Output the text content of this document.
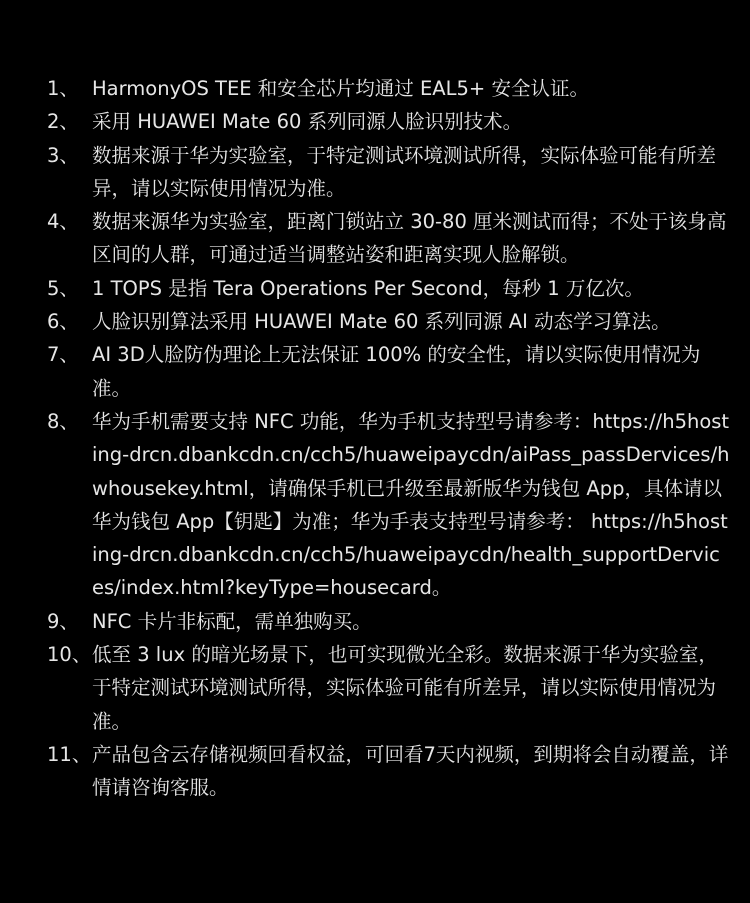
1、 HarmonyOS TEE 和安全芯片均通过 EAL5+ 安全认证。
2、 采用 HUAWEI Mate 60 系列同源人脸识别技术。
3、 数据来源于华为实验室，于特定测试环境测试所得，实际体验可能有所差异，请以实际使用情况为准。
4、 数据来源华为实验室，距离门锁站立 30-80 厘米测试而得；不处于该身高区间的人群，可通过适当调整站姿和距离实现人脸解锁。
5、 1 TOPS 是指 Tera Operations Per Second，每秒 1 万亿次。
6、 人脸识别算法采用 HUAWEI Mate 60 系列同源 AI 动态学习算法。
7、 AI 3D人脸防伪理论上无法保证 100% 的安全性，请以实际使用情况为准。
8、 华为手机需要支持 NFC 功能，华为手机支持型号请参考：https://h5hosting-drcn.dbankcdn.cn/cch5/huaweipaycdn/aiPass_passDervices/hwhousekey.html，请确保手机已升级至最新版华为钱包 App，具体请以华为钱包 App【钥匙】为准；华为手表支持型号请参考： https://h5hosting-drcn.dbankcdn.cn/cch5/huaweipaycdn/health_supportDervices/index.html?keyType=housecard。
9、 NFC 卡片非标配，需单独购买。
10、 低至 3 lux 的暗光场景下，也可实现微光全彩。数据来源于华为实验室，于特定测试环境测试所得，实际体验可能有所差异，请以实际使用情况为准。
11、 产品包含云存储视频回看权益，可回看7天内视频，到期将会自动覆盖，详情请咨询客服。
